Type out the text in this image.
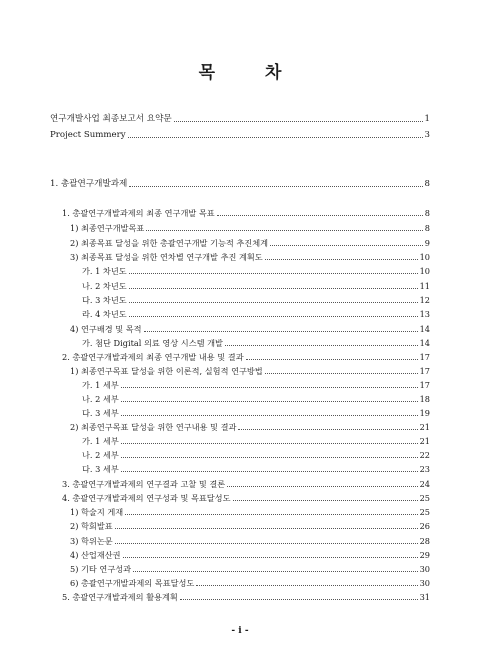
목 차
연구개발사업 최종보고서 요약문	1
Project Summery	3
1. 총괄연구개발과제	8
1. 총괄연구개발과제의 최종 연구개발 목표	8
1) 최종연구개발목표	8
2) 최종목표 달성을 위한 총괄연구개발 기능적 추진체계	9
3) 최종목표 달성을 위한 연차별 연구개발 추진 계획도	10
가. 1 차년도	10
나. 2 차년도	11
다. 3 차년도	12
라. 4 차년도	13
4) 연구배경 및 목적	14
가. 첨단 Digital 의료 영상 시스템 개발	14
2. 총괄연구개발과제의 최종 연구개발 내용 및 결과	17
1) 최종연구목표 달성을 위한 이론적, 실험적 연구방법	17
가. 1 세부	17
나. 2 세부	18
다. 3 세부	19
2) 최종연구목표 달성을 위한 연구내용 및 결과	21
가. 1 세부	21
나. 2 세부	22
다. 3 세부	23
3. 총괄연구개발과제의 연구결과 고찰 및 결론	24
4. 총괄연구개발과제의 연구성과 및 목표달성도	25
1) 학술지 게재	25
2) 학회발표	26
3) 학위논문	28
4) 산업재산권	29
5) 기타 연구성과	30
6) 총괄연구개발과제의 목표달성도	30
5. 총괄연구개발과제의 활용계획	31
- i -
